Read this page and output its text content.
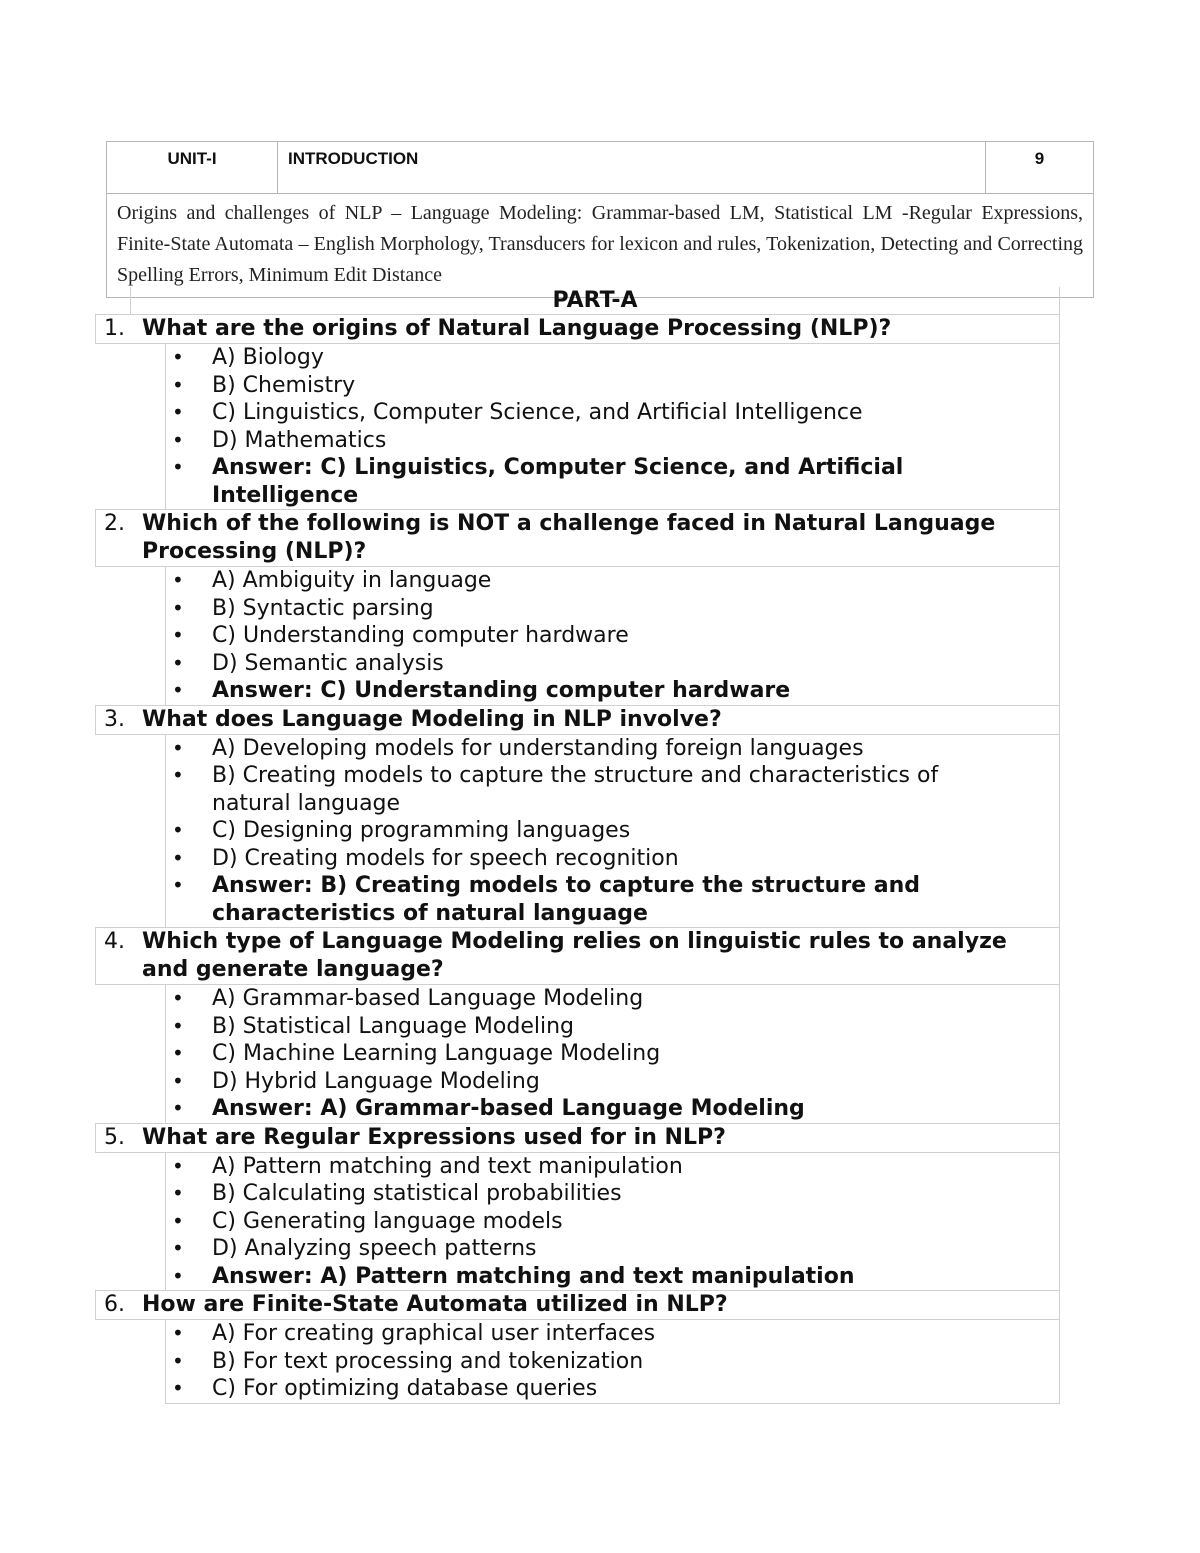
UNIT-I	INTRODUCTION	9
Origins and challenges of NLP – Language Modeling: Grammar-based LM, Statistical LM -Regular Expressions, Finite-State Automata – English Morphology, Transducers for lexicon and rules, Tokenization, Detecting and Correcting Spelling Errors, Minimum Edit Distance
PART-A
1. What are the origins of Natural Language Processing (NLP)?
•	A) Biology
•	B) Chemistry
•	C) Linguistics, Computer Science, and Artificial Intelligence
•	D) Mathematics
•	Answer: C) Linguistics, Computer Science, and Artificial Intelligence
2. Which of the following is NOT a challenge faced in Natural Language Processing (NLP)?
•	A) Ambiguity in language
•	B) Syntactic parsing
•	C) Understanding computer hardware
•	D) Semantic analysis
•	Answer: C) Understanding computer hardware
3. What does Language Modeling in NLP involve?
•	A) Developing models for understanding foreign languages
•	B) Creating models to capture the structure and characteristics of natural language
•	C) Designing programming languages
•	D) Creating models for speech recognition
•	Answer: B) Creating models to capture the structure and characteristics of natural language
4. Which type of Language Modeling relies on linguistic rules to analyze and generate language?
•	A) Grammar-based Language Modeling
•	B) Statistical Language Modeling
•	C) Machine Learning Language Modeling
•	D) Hybrid Language Modeling
•	Answer: A) Grammar-based Language Modeling
5. What are Regular Expressions used for in NLP?
•	A) Pattern matching and text manipulation
•	B) Calculating statistical probabilities
•	C) Generating language models
•	D) Analyzing speech patterns
•	Answer: A) Pattern matching and text manipulation
6. How are Finite-State Automata utilized in NLP?
•	A) For creating graphical user interfaces
•	B) For text processing and tokenization
•	C) For optimizing database queries
